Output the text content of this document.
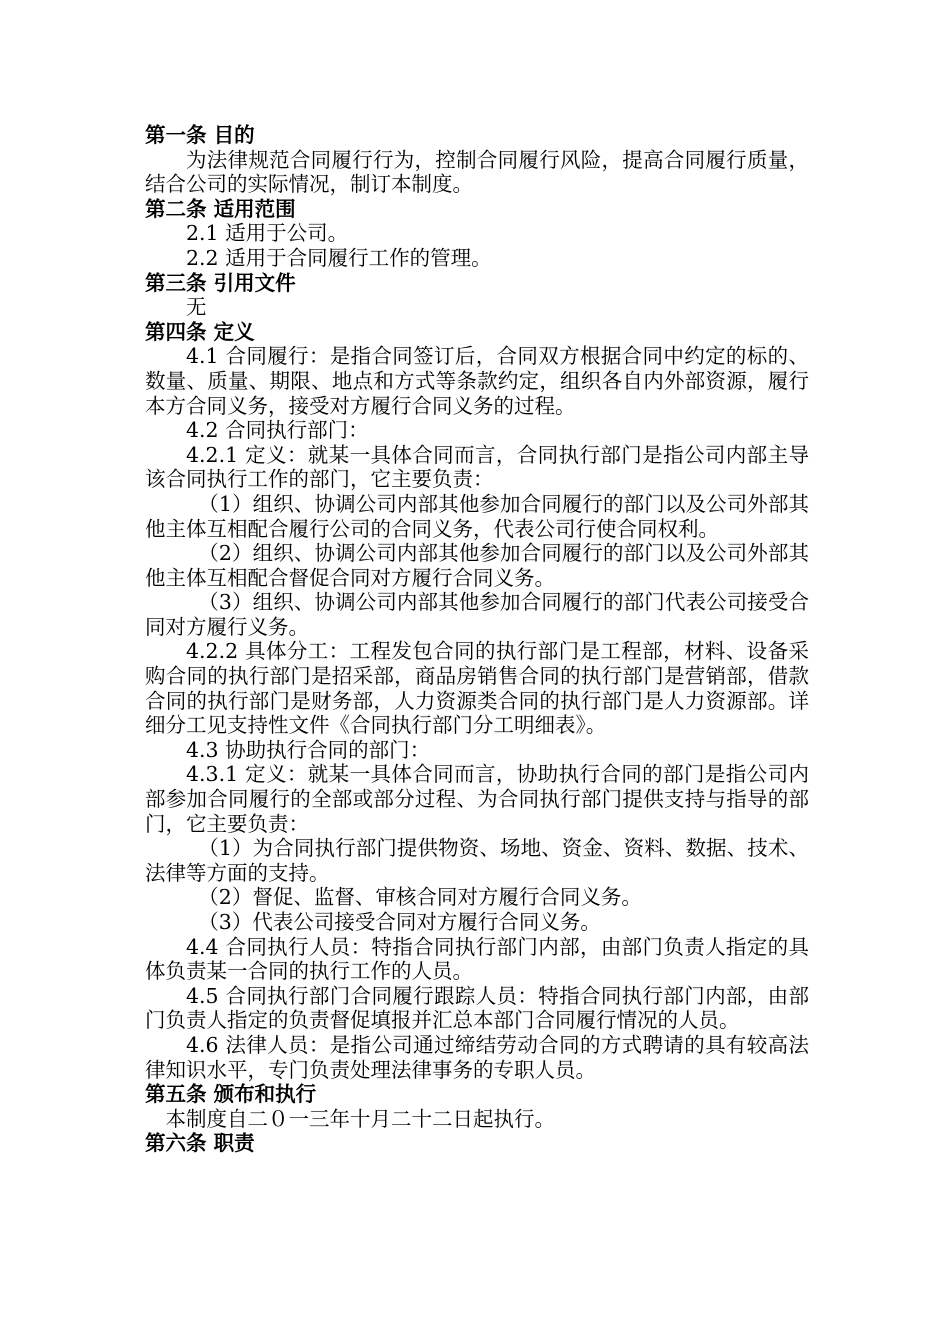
第一条 目的

为法律规范合同履行行为，控制合同履行风险，提高合同履行质量，结合公司的实际情况，制订本制度。

第二条 适用范围

2.1 适用于公司。

2.2 适用于合同履行工作的管理。

第三条 引用文件

无

第四条 定义

4.1 合同履行：是指合同签订后，合同双方根据合同中约定的标的、数量、质量、期限、地点和方式等条款约定，组织各自内外部资源，履行本方合同义务，接受对方履行合同义务的过程。

4.2 合同执行部门：

4.2.1 定义：就某一具体合同而言，合同执行部门是指公司内部主导该合同执行工作的部门，它主要负责：

（1）组织、协调公司内部其他参加合同履行的部门以及公司外部其他主体互相配合履行公司的合同义务，代表公司行使合同权利。

（2）组织、协调公司内部其他参加合同履行的部门以及公司外部其他主体互相配合督促合同对方履行合同义务。

（3）组织、协调公司内部其他参加合同履行的部门代表公司接受合同对方履行义务。

4.2.2 具体分工：工程发包合同的执行部门是工程部，材料、设备采购合同的执行部门是招采部，商品房销售合同的执行部门是营销部，借款合同的执行部门是财务部，人力资源类合同的执行部门是人力资源部。详细分工见支持性文件《合同执行部门分工明细表》。

4.3 协助执行合同的部门：

4.3.1 定义：就某一具体合同而言，协助执行合同的部门是指公司内部参加合同履行的全部或部分过程、为合同执行部门提供支持与指导的部门，它主要负责：

（1）为合同执行部门提供物资、场地、资金、资料、数据、技术、法律等方面的支持。

（2）督促、监督、审核合同对方履行合同义务。

（3）代表公司接受合同对方履行合同义务。

4.4 合同执行人员：特指合同执行部门内部，由部门负责人指定的具体负责某一合同的执行工作的人员。

4.5 合同执行部门合同履行跟踪人员：特指合同执行部门内部，由部门负责人指定的负责督促填报并汇总本部门合同履行情况的人员。

4.6 法律人员：是指公司通过缔结劳动合同的方式聘请的具有较高法律知识水平，专门负责处理法律事务的专职人员。

第五条 颁布和执行

本制度自二０一三年十月二十二日起执行。

第六条 职责
